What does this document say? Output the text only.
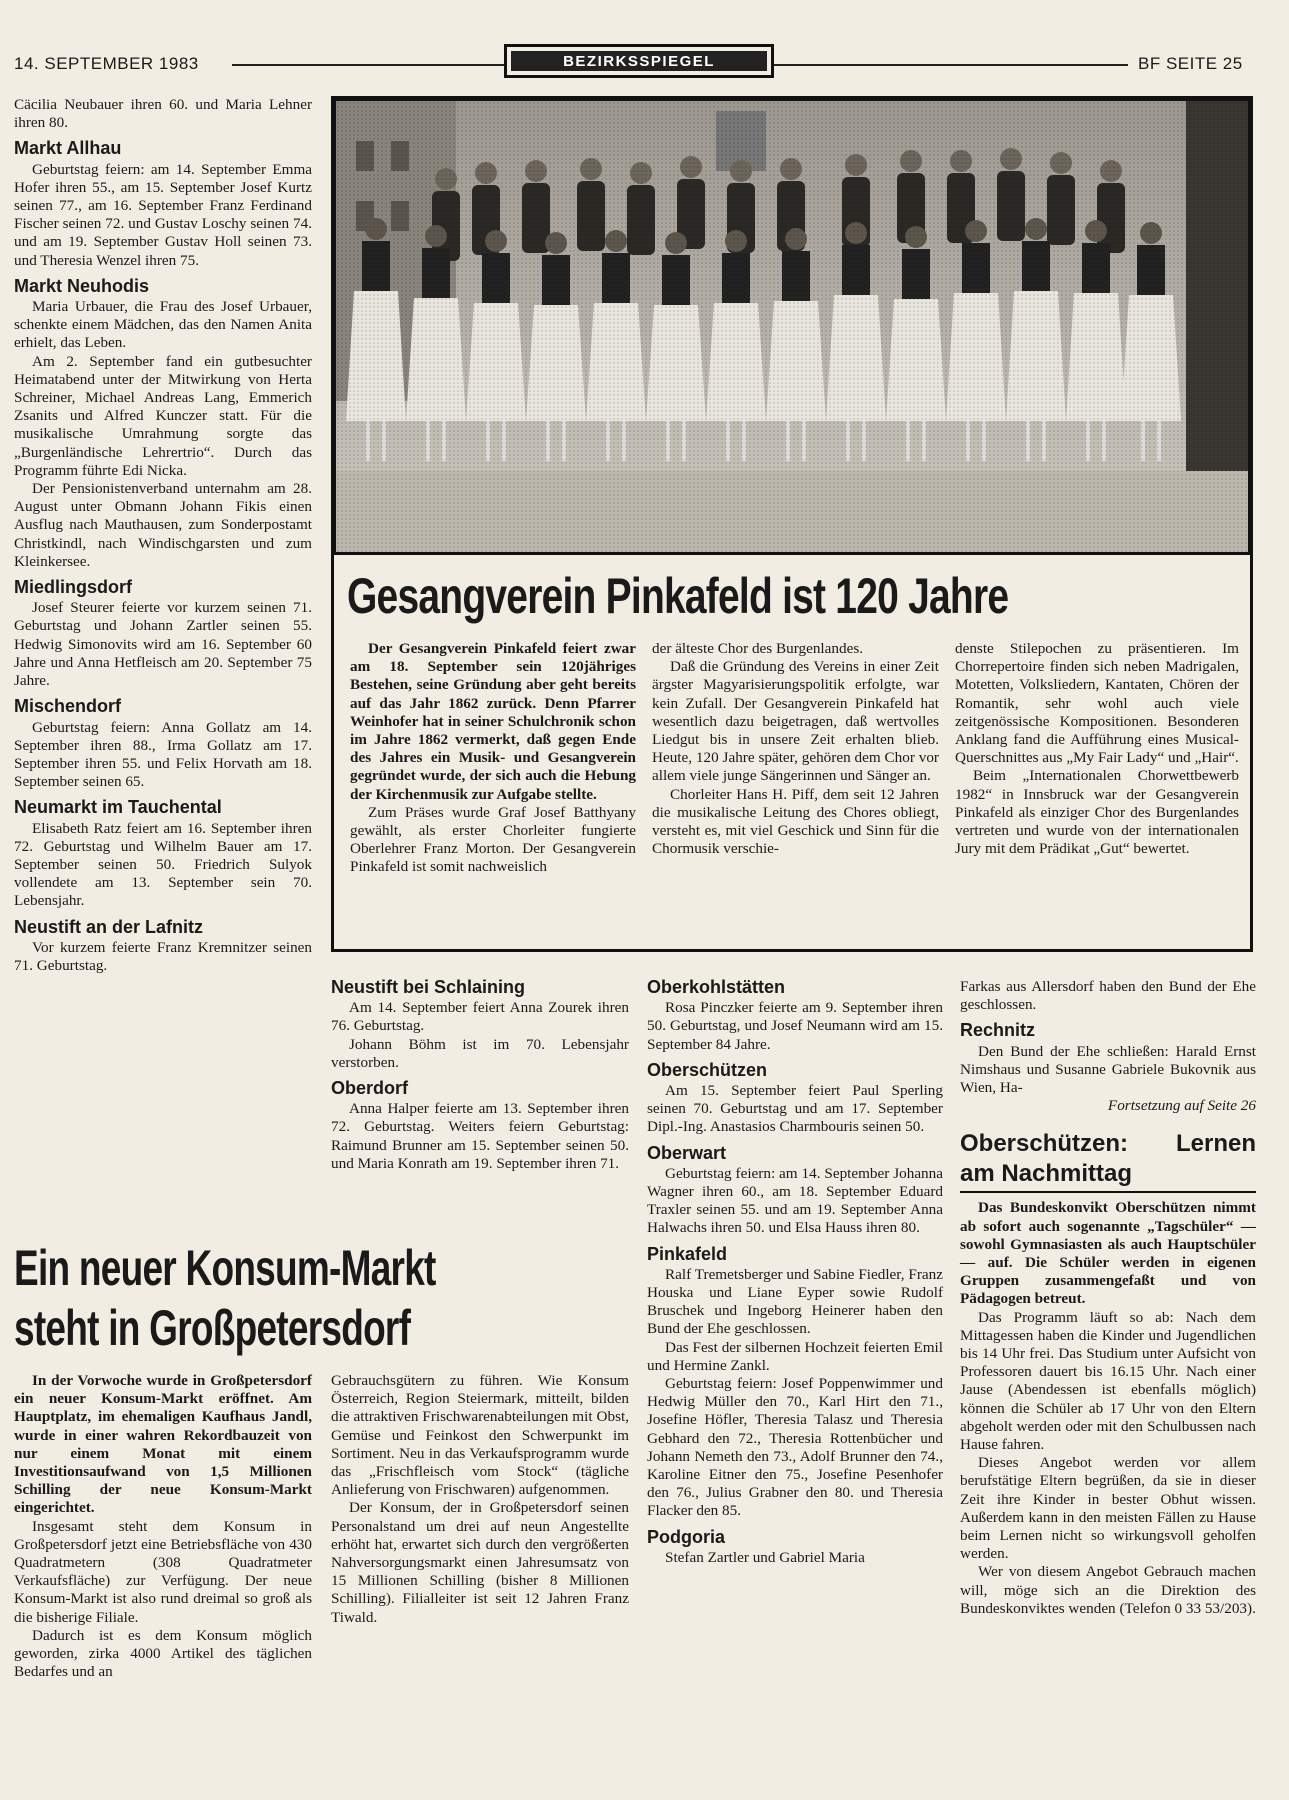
14. SEPTEMBER 1983	BEZIRKSSPIEGEL	BF SEITE 25

Cäcilia Neubauer ihren 60. und Maria Lehner ihren 80.

Markt Allhau

Geburtstag feiern: am 14. September Emma Hofer ihren 55., am 15. September Josef Kurtz seinen 77., am 16. September Franz Ferdinand Fischer seinen 72. und Gustav Loschy seinen 74. und am 19. September Gustav Holl seinen 73. und Theresia Wenzel ihren 75.

Markt Neuhodis

Maria Urbauer, die Frau des Josef Urbauer, schenkte einem Mädchen, das den Namen Anita erhielt, das Leben.

Am 2. September fand ein gutbesuchter Heimatabend unter der Mitwirkung von Herta Schreiner, Michael Andreas Lang, Emmerich Zsanits und Alfred Kunczer statt. Für die musikalische Umrahmung sorgte das „Burgenländische Lehrertrio“. Durch das Programm führte Edi Nicka.

Der Pensionistenverband unternahm am 28. August unter Obmann Johann Fikis einen Ausflug nach Mauthausen, zum Sonderpostamt Christkindl, nach Windischgarsten und zum Kleinkersee.

Miedlingsdorf

Josef Steurer feierte vor kurzem seinen 71. Geburtstag und Johann Zartler seinen 55. Hedwig Simonovits wird am 16. September 60 Jahre und Anna Hetfleisch am 20. September 75 Jahre.

Mischendorf

Geburtstag feiern: Anna Gollatz am 14. September ihren 88., Irma Gollatz am 17. September ihren 55. und Felix Horvath am 18. September seinen 65.

Neumarkt im Tauchental

Elisabeth Ratz feiert am 16. September ihren 72. Geburtstag und Wilhelm Bauer am 17. September seinen 50. Friedrich Sulyok vollendete am 13. September sein 70. Lebensjahr.

Neustift an der Lafnitz

Vor kurzem feierte Franz Kremnitzer seinen 71. Geburtstag.

Gesangverein Pinkafeld ist 120 Jahre

Der Gesangverein Pinkafeld feiert zwar am 18. September sein 120jähriges Bestehen, seine Gründung aber geht bereits auf das Jahr 1862 zurück. Denn Pfarrer Weinhofer hat in seiner Schulchronik schon im Jahre 1862 vermerkt, daß gegen Ende des Jahres ein Musik- und Gesangverein gegründet wurde, der sich auch die Hebung der Kirchenmusik zur Aufgabe stellte.

Zum Präses wurde Graf Josef Batthyany gewählt, als erster Chorleiter fungierte Oberlehrer Franz Morton. Der Gesangverein Pinkafeld ist somit nachweislich

der älteste Chor des Burgenlandes.

Daß die Gründung des Vereins in einer Zeit ärgster Magyarisierungspolitik erfolgte, war kein Zufall. Der Gesangverein Pinkafeld hat wesentlich dazu beigetragen, daß wertvolles Liedgut bis in unsere Zeit erhalten blieb. Heute, 120 Jahre später, gehören dem Chor vor allem viele junge Sängerinnen und Sänger an.

Chorleiter Hans H. Piff, dem seit 12 Jahren die musikalische Leitung des Chores obliegt, versteht es, mit viel Geschick und Sinn für die Chormusik verschie-

denste Stilepochen zu präsentieren. Im Chorrepertoire finden sich neben Madrigalen, Motetten, Volksliedern, Kantaten, Chören der Romantik, sehr wohl auch viele zeitgenössische Kompositionen. Besonderen Anklang fand die Aufführung eines Musical-Querschnittes aus „My Fair Lady“ und „Hair“.

Beim „Internationalen Chorwettbewerb 1982“ in Innsbruck war der Gesangverein Pinkafeld als einziger Chor des Burgenlandes vertreten und wurde von der internationalen Jury mit dem Prädikat „Gut“ bewertet.

Neustift bei Schlaining

Am 14. September feiert Anna Zourek ihren 76. Geburtstag.

Johann Böhm ist im 70. Lebensjahr verstorben.

Oberdorf

Anna Halper feierte am 13. September ihren 72. Geburtstag. Weiters feiern Geburtstag: Raimund Brunner am 15. September seinen 50. und Maria Konrath am 19. September ihren 71.

Oberkohlstätten

Rosa Pinczker feierte am 9. September ihren 50. Geburtstag, und Josef Neumann wird am 15. September 84 Jahre.

Oberschützen

Am 15. September feiert Paul Sperling seinen 70. Geburtstag und am 17. September Dipl.-Ing. Anastasios Charmbouris seinen 50.

Oberwart

Geburtstag feiern: am 14. September Johanna Wagner ihren 60., am 18. September Eduard Traxler seinen 55. und am 19. September Anna Halwachs ihren 50. und Elsa Hauss ihren 80.

Pinkafeld

Ralf Tremetsberger und Sabine Fiedler, Franz Houska und Liane Eyper sowie Rudolf Bruschek und Ingeborg Heinerer haben den Bund der Ehe geschlossen.

Das Fest der silbernen Hochzeit feierten Emil und Hermine Zankl.

Geburtstag feiern: Josef Poppenwimmer und Hedwig Müller den 70., Karl Hirt den 71., Josefine Höfler, Theresia Talasz und Theresia Gebhard den 72., Theresia Rottenbücher und Johann Nemeth den 73., Adolf Brunner den 74., Karoline Eitner den 75., Josefine Pesenhofer den 76., Julius Grabner den 80. und Theresia Flacker den 85.

Podgoria

Stefan Zartler und Gabriel Maria

Farkas aus Allersdorf haben den Bund der Ehe geschlossen.

Rechnitz

Den Bund der Ehe schließen: Harald Ernst Nimshaus und Susanne Gabriele Bukovnik aus Wien, Ha-

Fortsetzung auf Seite 26

Oberschützen: Lernen am Nachmittag

Das Bundeskonvikt Oberschützen nimmt ab sofort auch sogenannte „Tagschüler“ — sowohl Gymnasiasten als auch Hauptschüler — auf. Die Schüler werden in eigenen Gruppen zusammengefaßt und von Pädagogen betreut.

Das Programm läuft so ab: Nach dem Mittagessen haben die Kinder und Jugendlichen bis 14 Uhr frei. Das Studium unter Aufsicht von Professoren dauert bis 16.15 Uhr. Nach einer Jause (Abendessen ist ebenfalls möglich) können die Schüler ab 17 Uhr von den Eltern abgeholt werden oder mit den Schulbussen nach Hause fahren.

Dieses Angebot werden vor allem berufstätige Eltern begrüßen, da sie in dieser Zeit ihre Kinder in bester Obhut wissen. Außerdem kann in den meisten Fällen zu Hause beim Lernen nicht so wirkungsvoll geholfen werden.

Wer von diesem Angebot Gebrauch machen will, möge sich an die Direktion des Bundeskonviktes wenden (Telefon 0 33 53/203).

Ein neuer Konsum-Markt
steht in Großpetersdorf

In der Vorwoche wurde in Großpetersdorf ein neuer Konsum-Markt eröffnet. Am Hauptplatz, im ehemaligen Kaufhaus Jandl, wurde in einer wahren Rekordbauzeit von nur einem Monat mit einem Investitionsaufwand von 1,5 Millionen Schilling der neue Konsum-Markt eingerichtet.

Insgesamt steht dem Konsum in Großpetersdorf jetzt eine Betriebsfläche von 430 Quadratmetern (308 Quadratmeter Verkaufsfläche) zur Verfügung. Der neue Konsum-Markt ist also rund dreimal so groß als die bisherige Filiale.

Dadurch ist es dem Konsum möglich geworden, zirka 4000 Artikel des täglichen Bedarfes und an

Gebrauchsgütern zu führen. Wie Konsum Österreich, Region Steiermark, mitteilt, bilden die attraktiven Frischwarenabteilungen mit Obst, Gemüse und Feinkost den Schwerpunkt im Sortiment. Neu in das Verkaufsprogramm wurde das „Frischfleisch vom Stock“ (tägliche Anlieferung von Frischwaren) aufgenommen.

Der Konsum, der in Großpetersdorf seinen Personalstand um drei auf neun Angestellte erhöht hat, erwartet sich durch den vergrößerten Nahversorgungsmarkt einen Jahresumsatz von 15 Millionen Schilling (bisher 8 Millionen Schilling). Filialleiter ist seit 12 Jahren Franz Tiwald.
